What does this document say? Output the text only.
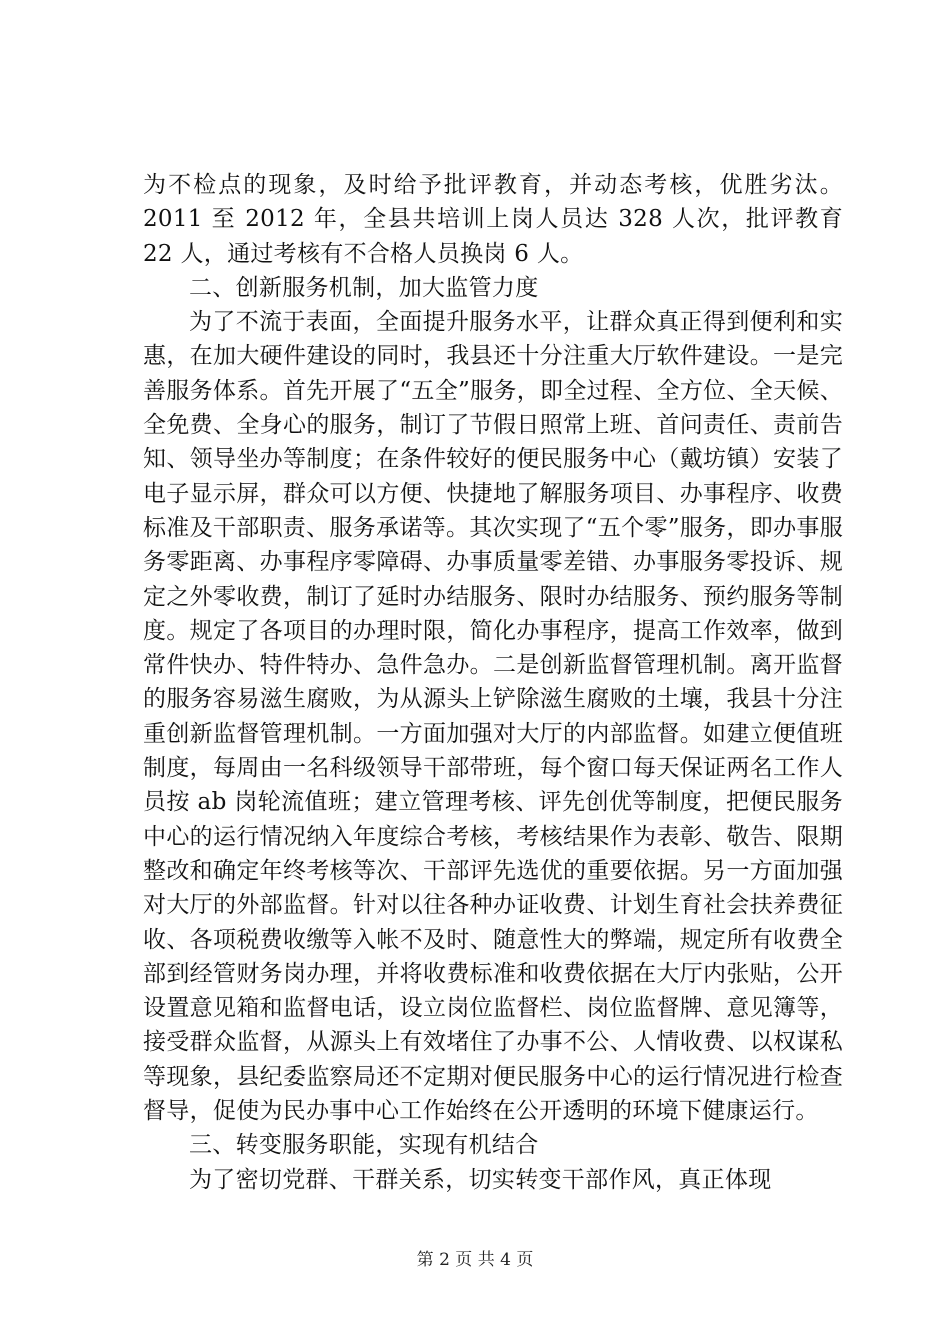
为不检点的现象，及时给予批评教育，并动态考核，优胜劣汰。2011 至 2012 年，全县共培训上岗人员达 328 人次，批评教育 22 人，通过考核有不合格人员换岗 6 人。

二、创新服务机制，加大监管力度

为了不流于表面，全面提升服务水平，让群众真正得到便利和实惠，在加大硬件建设的同时，我县还十分注重大厅软件建设。一是完善服务体系。首先开展了“五全”服务，即全过程、全方位、全天候、全免费、全身心的服务，制订了节假日照常上班、首问责任、责前告知、领导坐办等制度；在条件较好的便民服务中心（戴坊镇）安装了电子显示屏，群众可以方便、快捷地了解服务项目、办事程序、收费标准及干部职责、服务承诺等。其次实现了“五个零”服务，即办事服务零距离、办事程序零障碍、办事质量零差错、办事服务零投诉、规定之外零收费，制订了延时办结服务、限时办结服务、预约服务等制度。规定了各项目的办理时限，简化办事程序，提高工作效率，做到常件快办、特件特办、急件急办。二是创新监督管理机制。离开监督的服务容易滋生腐败，为从源头上铲除滋生腐败的土壤，我县十分注重创新监督管理机制。一方面加强对大厅的内部监督。如建立便值班制度，每周由一名科级领导干部带班，每个窗口每天保证两名工作人员按 ab 岗轮流值班；建立管理考核、评先创优等制度，把便民服务中心的运行情况纳入年度综合考核，考核结果作为表彰、敬告、限期整改和确定年终考核等次、干部评先选优的重要依据。另一方面加强对大厅的外部监督。针对以往各种办证收费、计划生育社会扶养费征收、各项税费收缴等入帐不及时、随意性大的弊端，规定所有收费全部到经管财务岗办理，并将收费标准和收费依据在大厅内张贴，公开设置意见箱和监督电话，设立岗位监督栏、岗位监督牌、意见簿等，接受群众监督，从源头上有效堵住了办事不公、人情收费、以权谋私等现象，县纪委监察局还不定期对便民服务中心的运行情况进行检查督导，促使为民办事中心工作始终在公开透明的环境下健康运行。

三、转变服务职能，实现有机结合

为了密切党群、干群关系，切实转变干部作风，真正体现

第 2 页 共 4 页
